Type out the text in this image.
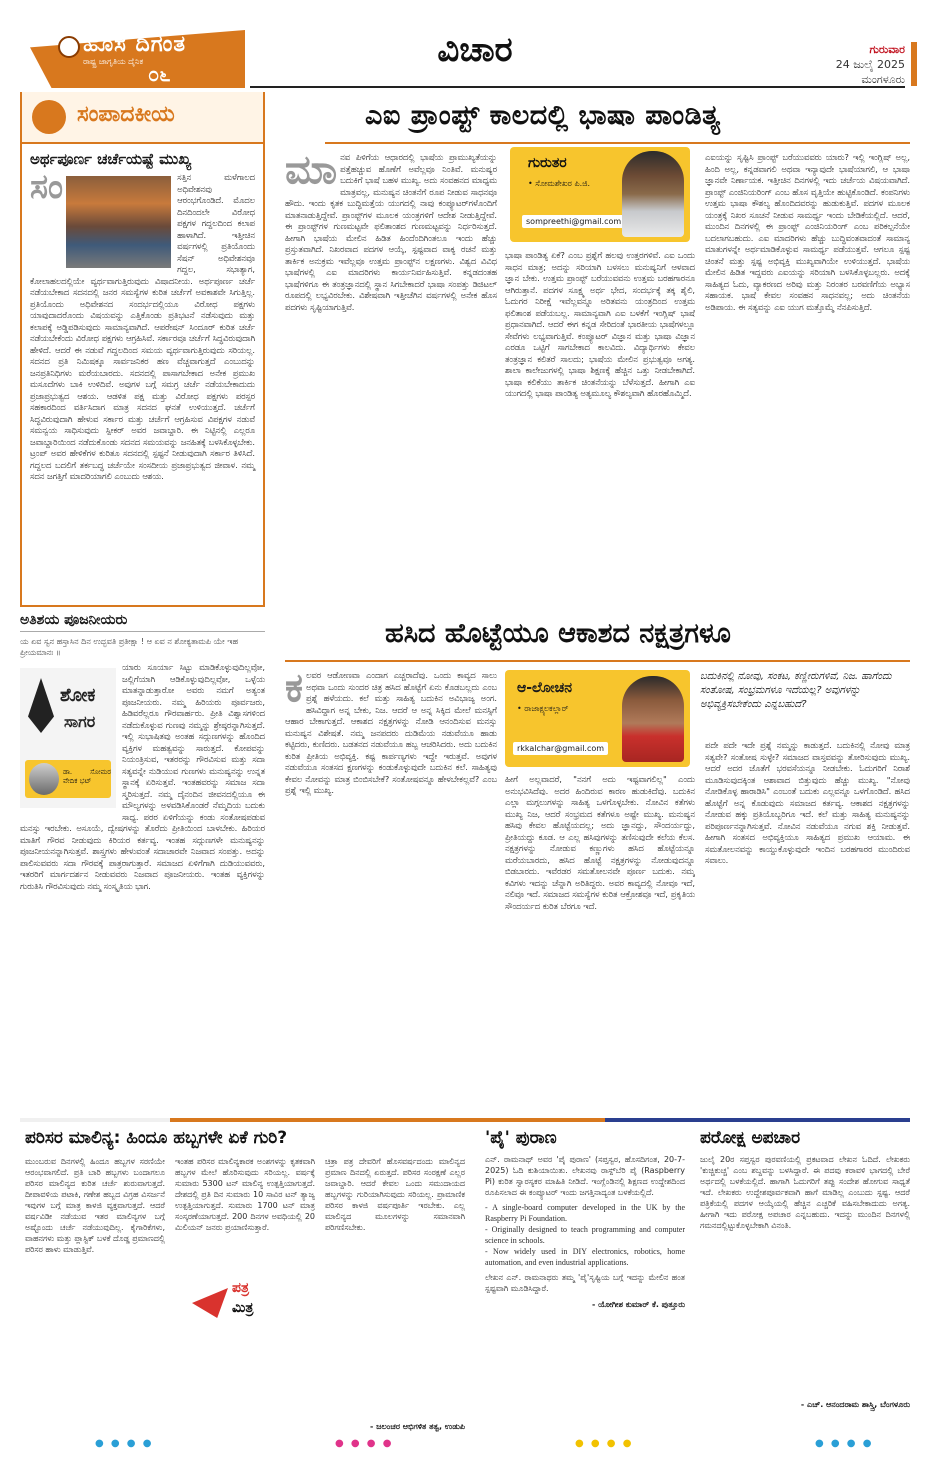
ಹೊಸ ದಿಗಂತ
ರಾಷ್ಟ್ರ ಜಾಗೃತಿಯ ದೈನಿಕ
೦೬
ವಿಚಾರ	ಗುರುವಾರ
24 ಜುಲೈ 2025
ಮಂಗಳೂರು
ಸಂಪಾದಕೀಯ
ಅರ್ಥಪೂರ್ಣ ಚರ್ಚೆಯಷ್ಟೆ ಮುಖ್ಯ
ಸಂ	ಸತ್ತಿನ ಮಳೆಗಾಲದ ಅಧಿವೇಶನವು ಆರಂಭಗೊಂಡಿದೆ. ಮೊದಲ ದಿನದಿಂದಲೇ ವಿರೋಧ ಪಕ್ಷಗಳ ಗದ್ದಲದಿಂದ ಕಲಾಪ ಹಾಳಾಗಿದೆ. ಇತ್ತೀಚಿನ ವರ್ಷಗಳಲ್ಲಿ ಪ್ರತಿಯೊಂದು ಸೆಷನ್ ಅಧಿವೇಶನವೂ ಗದ್ದಲ, ಸಭಾತ್ಯಾಗ, ಕೋಲಾಹಲದಲ್ಲಿಯೇ ವ್ಯರ್ಥವಾಗುತ್ತಿರುವುದು ವಿಷಾದನೀಯ. ಅರ್ಥಪೂರ್ಣ ಚರ್ಚೆ ನಡೆಯಬೇಕಾದ ಸದನದಲ್ಲಿ ಜನರ ಸಮಸ್ಯೆಗಳ ಕುರಿತ ಚರ್ಚೆಗೆ ಅವಕಾಶವೇ ಸಿಗುತ್ತಿಲ್ಲ. ಪ್ರತಿಯೊಂದು ಅಧಿವೇಶನದ ಸಂದರ್ಭದಲ್ಲಿಯೂ ವಿರೋಧ ಪಕ್ಷಗಳು ಯಾವುದಾದರೊಂದು ವಿಷಯವನ್ನು ಎತ್ತಿಕೊಂಡು ಪ್ರತಿಭಟನೆ ನಡೆಸುವುದು ಮತ್ತು ಕಲಾಪಕ್ಕೆ ಅಡ್ಡಿಪಡಿಸುವುದು ಸಾಮಾನ್ಯವಾಗಿದೆ. ಆಪರೇಷನ್ ಸಿಂದೂರ್ ಕುರಿತ ಚರ್ಚೆ ನಡೆಯಬೇಕೆಂದು ವಿರೋಧ ಪಕ್ಷಗಳು ಆಗ್ರಹಿಸಿವೆ. ಸರ್ಕಾರವೂ ಚರ್ಚೆಗೆ ಸಿದ್ಧವಿರುವುದಾಗಿ ಹೇಳಿದೆ. ಆದರೆ ಈ ನಡುವೆ ಗದ್ದಲದಿಂದ ಸಮಯ ವ್ಯರ್ಥವಾಗುತ್ತಿರುವುದು ಸರಿಯಲ್ಲ. ಸದನದ ಪ್ರತಿ ನಿಮಿಷಕ್ಕೂ ಸಾರ್ವಜನಿಕರ ಹಣ ವೆಚ್ಚವಾಗುತ್ತದೆ ಎಂಬುದನ್ನು ಜನಪ್ರತಿನಿಧಿಗಳು ಮರೆಯಬಾರದು. ಸದನದಲ್ಲಿ ಪಾಸಾಗಬೇಕಾದ ಅನೇಕ ಪ್ರಮುಖ ಮಸೂದೆಗಳು ಬಾಕಿ ಉಳಿದಿವೆ. ಅವುಗಳ ಬಗ್ಗೆ ಸಮಗ್ರ ಚರ್ಚೆ ನಡೆಯಬೇಕಾದುದು ಪ್ರಜಾಪ್ರಭುತ್ವದ ಆಶಯ. ಆಡಳಿತ ಪಕ್ಷ ಮತ್ತು ವಿರೋಧ ಪಕ್ಷಗಳು ಪರಸ್ಪರ ಸಹಕಾರದಿಂದ ವರ್ತಿಸಿದಾಗ ಮಾತ್ರ ಸದನದ ಘನತೆ ಉಳಿಯುತ್ತದೆ. ಚರ್ಚೆಗೆ ಸಿದ್ಧವಿರುವುದಾಗಿ ಹೇಳುವ ಸರ್ಕಾರ ಮತ್ತು ಚರ್ಚೆಗೆ ಆಗ್ರಹಿಸುವ ವಿಪಕ್ಷಗಳ ನಡುವೆ ಸಮನ್ವಯ ಸಾಧಿಸುವುದು ಸ್ಪೀಕರ್ ಅವರ ಜವಾಬ್ದಾರಿ. ಈ ನಿಟ್ಟಿನಲ್ಲಿ ಎಲ್ಲರೂ ಜವಾಬ್ದಾರಿಯಿಂದ ನಡೆದುಕೊಂಡು ಸದನದ ಸಮಯವನ್ನು ಜನಹಿತಕ್ಕೆ ಬಳಸಿಕೊಳ್ಳಬೇಕು. ಟ್ರಂಪ್ ಅವರ ಹೇಳಿಕೆಗಳ ಕುರಿತೂ ಸದನದಲ್ಲಿ ಸ್ಪಷ್ಟನೆ ನೀಡುವುದಾಗಿ ಸರ್ಕಾರ ತಿಳಿಸಿದೆ. ಗದ್ದಲದ ಬದಲಿಗೆ ತರ್ಕಬದ್ಧ ಚರ್ಚೆಯೇ ಸಂಸದೀಯ ಪ್ರಜಾಪ್ರಭುತ್ವದ ಜೀವಾಳ. ನಮ್ಮ ಸದನ ಜಗತ್ತಿಗೆ ಮಾದರಿಯಾಗಲಿ ಎಂಬುದು ಆಶಯ.
ಎಐ ಪ್ರಾಂಪ್ಟ್ ಕಾಲದಲ್ಲಿ ಭಾಷಾ ಪಾಂಡಿತ್ಯ
ಮಾ ನವ ಪಿಳಿಗೆಯ ಆಧಾರದಲ್ಲಿ ಭಾಷೆಯ ಪ್ರಾಮುಖ್ಯತೆಯನ್ನು ಪತ್ತೆಹಚ್ಚುವ ಹೊಣೆಗೆ ಅವೆಲ್ಲವೂ ನಿಂತಿವೆ. ಮನುಷ್ಯರ ಬದುಕಿಗೆ ಭಾಷೆ ಬಹಳ ಮುಖ್ಯ. ಅದು ಸಂವಹನದ ಮಾಧ್ಯಮ ಮಾತ್ರವಲ್ಲ, ಮನುಷ್ಯನ ಚಿಂತನೆಗೆ ರೂಪ ನೀಡುವ ಸಾಧನವೂ ಹೌದು. ಇಂದು ಕೃತಕ ಬುದ್ಧಿಮತ್ತೆಯ ಯುಗದಲ್ಲಿ ನಾವು ಕಂಪ್ಯೂಟರ್‌ಗಳೊಂದಿಗೆ ಮಾತನಾಡುತ್ತಿದ್ದೇವೆ. ಪ್ರಾಂಪ್ಟ್‌ಗಳ ಮೂಲಕ ಯಂತ್ರಗಳಿಗೆ ಆದೇಶ ನೀಡುತ್ತಿದ್ದೇವೆ. ಈ ಪ್ರಾಂಪ್ಟ್‌ಗಳ ಗುಣಮಟ್ಟವೇ ಫಲಿತಾಂಶದ ಗುಣಮಟ್ಟವನ್ನು ನಿರ್ಧರಿಸುತ್ತದೆ. ಹೀಗಾಗಿ ಭಾಷೆಯ ಮೇಲಿನ ಹಿಡಿತ ಹಿಂದೆಂದಿಗಿಂತಲೂ ಇಂದು ಹೆಚ್ಚು ಪ್ರಸ್ತುತವಾಗಿದೆ. ನಿಖರವಾದ ಪದಗಳ ಆಯ್ಕೆ, ಸ್ಪಷ್ಟವಾದ ವಾಕ್ಯ ರಚನೆ ಮತ್ತು ತಾರ್ಕಿಕ ಅನುಕ್ರಮ ಇವೆಲ್ಲವೂ ಉತ್ತಮ ಪ್ರಾಂಪ್ಟ್‌ನ ಲಕ್ಷಣಗಳು. ವಿಶ್ವದ ವಿವಿಧ ಭಾಷೆಗಳಲ್ಲಿ ಎಐ ಮಾದರಿಗಳು ಕಾರ್ಯನಿರ್ವಹಿಸುತ್ತಿವೆ. ಕನ್ನಡದಂತಹ ಭಾಷೆಗಳಿಗೂ ಈ ತಂತ್ರಜ್ಞಾನದಲ್ಲಿ ಸ್ಥಾನ ಸಿಗಬೇಕಾದರೆ ಭಾಷಾ ಸಂಪತ್ತು ಡಿಜಿಟಲ್ ರೂಪದಲ್ಲಿ ಲಭ್ಯವಿರಬೇಕು. ವಿಶೇಷವಾಗಿ ಇತ್ತೀಚೆಗಿನ ವರ್ಷಗಳಲ್ಲಿ ಅನೇಕ ಹೊಸ ಪದಗಳು ಸೃಷ್ಟಿಯಾಗುತ್ತಿವೆ.
ಗುರುತರ
• ಸೋಮಶೇಖರ ಪಿ.ಜಿ.
sompreethi@gmail.com
ಭಾಷಾ ಪಾಂಡಿತ್ಯ ಏಕೆ? ಎಂಬ ಪ್ರಶ್ನೆಗೆ ಹಲವು ಉತ್ತರಗಳಿವೆ. ಎಐ ಒಂದು ಸಾಧನ ಮಾತ್ರ; ಅದನ್ನು ಸರಿಯಾಗಿ ಬಳಸಲು ಮನುಷ್ಯನಿಗೆ ಆಳವಾದ ಜ್ಞಾನ ಬೇಕು. ಉತ್ತಮ ಪ್ರಾಂಪ್ಟ್ ಬರೆಯುವವನು ಉತ್ತಮ ಬರಹಗಾರನೂ ಆಗಿರುತ್ತಾನೆ. ಪದಗಳ ಸೂಕ್ಷ್ಮ ಅರ್ಥ ಭೇದ, ಸಂದರ್ಭಕ್ಕೆ ತಕ್ಕ ಶೈಲಿ, ಓದುಗರ ನಿರೀಕ್ಷೆ ಇವೆಲ್ಲವನ್ನೂ ಅರಿತವನು ಯಂತ್ರದಿಂದ ಉತ್ತಮ ಫಲಿತಾಂಶ ಪಡೆಯಬಲ್ಲ. ಸಾಮಾನ್ಯವಾಗಿ ಎಐ ಬಳಕೆಗೆ ಇಂಗ್ಲಿಷ್ ಭಾಷೆ ಪ್ರಧಾನವಾಗಿದೆ. ಆದರೆ ಈಗ ಕನ್ನಡ ಸೇರಿದಂತೆ ಭಾರತೀಯ ಭಾಷೆಗಳಲ್ಲೂ ಸೇವೆಗಳು ಲಭ್ಯವಾಗುತ್ತಿವೆ. ಕಂಪ್ಯೂಟರ್ ವಿಜ್ಞಾನ ಮತ್ತು ಭಾಷಾ ವಿಜ್ಞಾನ ಎರಡೂ ಒಟ್ಟಿಗೆ ಸಾಗಬೇಕಾದ ಕಾಲವಿದು. ವಿದ್ಯಾರ್ಥಿಗಳು ಕೇವಲ ತಂತ್ರಜ್ಞಾನ ಕಲಿತರೆ ಸಾಲದು; ಭಾಷೆಯ ಮೇಲಿನ ಪ್ರಭುತ್ವವೂ ಅಗತ್ಯ. ಶಾಲಾ ಕಾಲೇಜುಗಳಲ್ಲಿ ಭಾಷಾ ಶಿಕ್ಷಣಕ್ಕೆ ಹೆಚ್ಚಿನ ಒತ್ತು ನೀಡಬೇಕಾಗಿದೆ. ಭಾಷಾ ಕಲಿಕೆಯು ತಾರ್ಕಿಕ ಚಿಂತನೆಯನ್ನು ಬೆಳೆಸುತ್ತದೆ. ಹೀಗಾಗಿ ಎಐ ಯುಗದಲ್ಲಿ ಭಾಷಾ ಪಾಂಡಿತ್ಯ ಅತ್ಯಮೂಲ್ಯ ಕೌಶಲ್ಯವಾಗಿ ಹೊರಹೊಮ್ಮಿದೆ.
ಎಐಯನ್ನು ಸೃಷ್ಟಿಸಿ ಪ್ರಾಂಪ್ಟ್ ಬರೆಯುವವರು ಯಾರು? ಇಲ್ಲಿ ಇಂಗ್ಲಿಷ್ ಅಲ್ಲ, ಹಿಂದಿ ಅಲ್ಲ, ಕನ್ನಡವಾಗಲಿ ಅಥವಾ ಇನ್ಯಾವುದೇ ಭಾಷೆಯಾಗಲಿ, ಆ ಭಾಷಾ ಜ್ಞಾನವೇ ನಿರ್ಣಾಯಕ. ಇತ್ತೀಚಿನ ದಿನಗಳಲ್ಲಿ ಇದು ಚರ್ಚೆಯ ವಿಷಯವಾಗಿದೆ. ಪ್ರಾಂಪ್ಟ್ ಎಂಜಿನಿಯರಿಂಗ್ ಎಂಬ ಹೊಸ ವೃತ್ತಿಯೇ ಹುಟ್ಟಿಕೊಂಡಿದೆ. ಕಂಪನಿಗಳು ಉತ್ತಮ ಭಾಷಾ ಕೌಶಲ್ಯ ಹೊಂದಿದವರನ್ನು ಹುಡುಕುತ್ತಿವೆ. ಪದಗಳ ಮೂಲಕ ಯಂತ್ರಕ್ಕೆ ನಿಖರ ಸೂಚನೆ ನೀಡುವ ಸಾಮರ್ಥ್ಯ ಇಂದು ಬೇಡಿಕೆಯಲ್ಲಿದೆ. ಆದರೆ, ಮುಂದಿನ ದಿನಗಳಲ್ಲಿ ಈ ಪ್ರಾಂಪ್ಟ್ ಎಂಜಿನಿಯರಿಂಗ್ ಎಂಬ ಪರಿಕಲ್ಪನೆಯೇ ಬದಲಾಗಬಹುದು. ಎಐ ಮಾದರಿಗಳು ಹೆಚ್ಚು ಬುದ್ಧಿವಂತವಾದಂತೆ ಸಾಮಾನ್ಯ ಮಾತುಗಳನ್ನೇ ಅರ್ಥಮಾಡಿಕೊಳ್ಳುವ ಸಾಮರ್ಥ್ಯ ಪಡೆಯುತ್ತವೆ. ಆಗಲೂ ಸ್ಪಷ್ಟ ಚಿಂತನೆ ಮತ್ತು ಸ್ಪಷ್ಟ ಅಭಿವ್ಯಕ್ತಿ ಮುಖ್ಯವಾಗಿಯೇ ಉಳಿಯುತ್ತದೆ. ಭಾಷೆಯ ಮೇಲಿನ ಹಿಡಿತ ಇದ್ದವರು ಎಐಯನ್ನು ಸರಿಯಾಗಿ ಬಳಸಿಕೊಳ್ಳಬಲ್ಲರು. ಅದಕ್ಕೆ ಸಾಹಿತ್ಯದ ಓದು, ವ್ಯಾಕರಣದ ಅರಿವು ಮತ್ತು ನಿರಂತರ ಬರವಣಿಗೆಯ ಅಭ್ಯಾಸ ಸಹಾಯಕ. ಭಾಷೆ ಕೇವಲ ಸಂವಹನ ಸಾಧನವಲ್ಲ; ಅದು ಚಿಂತನೆಯ ಅಡಿಪಾಯ. ಈ ಸತ್ಯವನ್ನು ಎಐ ಯುಗ ಮತ್ತೊಮ್ಮೆ ನೆನಪಿಸುತ್ತಿದೆ.
ಅತಿಶಯ ಪೂಜನೀಯರು
ಯ ಏವ ಸ್ವನ ಹಸ್ತಾಸಿನ ದಿನ ಉದ್ಭವತಿ ಪ್ರತೀಕ್ಷಾ ! ಆ ಏವ ನ ಶೋಕ್ಯತಾಮಪಿ ಯೇ ಇಹ ಪ್ರೀಯಮಾನಃ ॥
ಶೋಕ
ಸಾಗರ
ಡಾ. ಸೋಮರ ವೇದಿಕ ಭಟ್
ಯಾರು ಸೂರ್ಯಾ ಸಿಟ್ಟು ಮಾಡಿಕೊಳ್ಳುವುದಿಲ್ಲವೋ, ಜಲ್ಲಿಗೆಯಾಗಿ ಆಡಿಕೊಳ್ಳುವುದಿಲ್ಲವೋ, ಒಳ್ಳೆಯ ಮಾತನ್ನಾಡುತ್ತಾರೋ ಅವರು ನಮಗೆ ಅತ್ಯಂತ ಪೂಜನೀಯರು. ನಮ್ಮ ಹಿರಿಯರು ಪೂರ್ವಜರು, ಹಿಡಿವರೆಲ್ಲರೂ ಗೌರವಾರ್ಹರು. ಪ್ರೀತಿ ವಿಶ್ವಾಸಗಳಿಂದ ನಡೆದುಕೊಳ್ಳುವ ಗುಣವು ನಮ್ಮನ್ನು ಶ್ರೇಷ್ಠರನ್ನಾಗಿಸುತ್ತದೆ. ಇಲ್ಲಿ ಸುಭಾಷಿತವು ಅಂತಹ ಸದ್ಗುಣಗಳನ್ನು ಹೊಂದಿದ ವ್ಯಕ್ತಿಗಳ ಮಹತ್ವವನ್ನು ಸಾರುತ್ತದೆ. ಕೋಪವನ್ನು ನಿಯಂತ್ರಿಸುವ, ಇತರರನ್ನು ಗೌರವಿಸುವ ಮತ್ತು ಸದಾ ಸತ್ಯವನ್ನೇ ನುಡಿಯುವ ಗುಣಗಳು ಮನುಷ್ಯನನ್ನು ಉನ್ನತ ಸ್ಥಾನಕ್ಕೆ ಏರಿಸುತ್ತವೆ. ಇಂತಹವರನ್ನು ಸಮಾಜ ಸದಾ ಸ್ಮರಿಸುತ್ತದೆ. ನಮ್ಮ ದೈನಂದಿನ ಜೀವನದಲ್ಲಿಯೂ ಈ ಮೌಲ್ಯಗಳನ್ನು ಅಳವಡಿಸಿಕೊಂಡರೆ ನೆಮ್ಮದಿಯ ಬದುಕು ಸಾಧ್ಯ. ಪರರ ಏಳಿಗೆಯನ್ನು ಕಂಡು ಸಂತೋಷಪಡುವ ಮನಸ್ಸು ಇರಬೇಕು. ಅಸೂಯೆ, ದ್ವೇಷಗಳನ್ನು ತೊರೆದು ಪ್ರೀತಿಯಿಂದ ಬಾಳಬೇಕು. ಹಿರಿಯರ ಮಾತಿಗೆ ಗೌರವ ನೀಡುವುದು ಕಿರಿಯರ ಕರ್ತವ್ಯ. ಇಂತಹ ಸದ್ಗುಣಗಳೇ ಮನುಷ್ಯನನ್ನು ಪೂಜನೀಯನನ್ನಾಗಿಸುತ್ತವೆ. ಶಾಸ್ತ್ರಗಳು ಹೇಳುವಂತೆ ಸದಾಚಾರವೇ ನಿಜವಾದ ಸಂಪತ್ತು. ಅದನ್ನು ಪಾಲಿಸುವವರು ಸದಾ ಗೌರವಕ್ಕೆ ಪಾತ್ರರಾಗುತ್ತಾರೆ. ಸಮಾಜದ ಏಳಿಗೆಗಾಗಿ ದುಡಿಯುವವರು, ಇತರರಿಗೆ ಮಾರ್ಗದರ್ಶನ ನೀಡುವವರು ನಿಜವಾದ ಪೂಜನೀಯರು. ಇಂತಹ ವ್ಯಕ್ತಿಗಳನ್ನು ಗುರುತಿಸಿ ಗೌರವಿಸುವುದು ನಮ್ಮ ಸಂಸ್ಕೃತಿಯ ಭಾಗ.
ಹಸಿದ ಹೊಟ್ಟೆಯೂ ಆಕಾಶದ ನಕ್ಷತ್ರಗಳೂ
ಕ ಲವರ ಆಡೋಣವಾ ಎಂದಾಗ ಎಚ್ಚರಾದೆವು. ಒಂದು ಕಾವ್ಯದ ಸಾಲು ಅಥವಾ ಒಂದು ಸುಂದರ ಚಿತ್ರ ಹಸಿದ ಹೊಟ್ಟೆಗೆ ಏನು ಕೊಡಬಲ್ಲದು ಎಂಬ ಪ್ರಶ್ನೆ ಹಳೆಯದು. ಕಲೆ ಮತ್ತು ಸಾಹಿತ್ಯ ಬದುಕಿನ ಅವಿಭಾಜ್ಯ ಅಂಗ. ಹಸಿವಿದ್ದಾಗ ಅನ್ನ ಬೇಕು, ನಿಜ. ಆದರೆ ಆ ಅನ್ನ ಸಿಕ್ಕಿದ ಮೇಲೆ ಮನಸ್ಸಿಗೆ ಆಹಾರ ಬೇಕಾಗುತ್ತದೆ. ಆಕಾಶದ ನಕ್ಷತ್ರಗಳನ್ನು ನೋಡಿ ಆನಂದಿಸುವ ಮನಸ್ಸು ಮನುಷ್ಯನ ವಿಶೇಷತೆ. ನಮ್ಮ ಜನಪದರು ದುಡಿಮೆಯ ನಡುವೆಯೂ ಹಾಡು ಕಟ್ಟಿದರು, ಕುಣಿದರು. ಬಡತನದ ನಡುವೆಯೂ ಹಬ್ಬ ಆಚರಿಸಿದರು. ಅದು ಬದುಕಿನ ಕುರಿತ ಪ್ರೀತಿಯ ಅಭಿವ್ಯಕ್ತಿ. ಕಷ್ಟ ಕಾರ್ಪಣ್ಯಗಳು ಇದ್ದೇ ಇರುತ್ತವೆ. ಅವುಗಳ ನಡುವೆಯೂ ಸಂತಸದ ಕ್ಷಣಗಳನ್ನು ಕಂಡುಕೊಳ್ಳುವುದೇ ಬದುಕಿನ ಕಲೆ. ಸಾಹಿತ್ಯವು ಕೇವಲ ನೋವನ್ನು ಮಾತ್ರ ಬಿಂಬಿಸಬೇಕೆ? ಸಂತೋಷವನ್ನೂ ಹೇಳಬೇಕಲ್ಲವೆ? ಎಂಬ ಪ್ರಶ್ನೆ ಇಲ್ಲಿ ಮುಖ್ಯ.
ಆ-ಲೋಚನ
• ರಾಜಾಕ್ಷ್ಯಲಕಲ್ಲಾರ್
rkkalchar@gmail.com
ಬದುಕಿನಲ್ಲಿ ನೋವು, ಸಂಕಟ, ಕಣ್ಣೀರುಗಳಿವೆ, ನಿಜ. ಹಾಗೆಂದು ಸಂತೋಷ, ಸಂಭ್ರಮಗಳೂ ಇದೆಯಲ್ಲ? ಅವುಗಳನ್ನು ಅಭಿವ್ಯಕ್ತಿಸಬೇಕೆಂದು ಎನ್ನಬಹುದೆ?
ಹೀಗೆ ಅಲ್ಲವಾದರೆ, "ನನಗೆ ಅದು ಇಷ್ಟವಾಗಲಿಲ್ಲ" ಎಂದು ಅನುಭವಿಸಿದೆವು. ಅದರ ಹಿಂದಿರುವ ಕಾರಣ ಹುಡುಕಿದೆವು. ಬದುಕಿನ ಎಲ್ಲಾ ಮಗ್ಗಲುಗಳನ್ನು ಸಾಹಿತ್ಯ ಒಳಗೊಳ್ಳಬೇಕು. ನೋವಿನ ಕತೆಗಳು ಮುಖ್ಯ ನಿಜ, ಆದರೆ ಸಂಭ್ರಮದ ಕತೆಗಳೂ ಅಷ್ಟೇ ಮುಖ್ಯ. ಮನುಷ್ಯನ ಹಸಿವು ಕೇವಲ ಹೊಟ್ಟೆಯದಲ್ಲ; ಅದು ಜ್ಞಾನದ್ದು, ಸೌಂದರ್ಯದ್ದು, ಪ್ರೀತಿಯದ್ದು ಕೂಡ. ಆ ಎಲ್ಲ ಹಸಿವುಗಳನ್ನು ತಣಿಸುವುದೇ ಕಲೆಯ ಕೆಲಸ. ನಕ್ಷತ್ರಗಳನ್ನು ನೋಡುವ ಕಣ್ಣುಗಳು ಹಸಿದ ಹೊಟ್ಟೆಯನ್ನೂ ಮರೆಯಬಾರದು, ಹಸಿದ ಹೊಟ್ಟೆ ನಕ್ಷತ್ರಗಳನ್ನು ನೋಡುವುದನ್ನೂ ಬಿಡಬಾರದು. ಇವೆರಡರ ಸಮತೋಲನವೇ ಪೂರ್ಣ ಬದುಕು. ನಮ್ಮ ಕವಿಗಳು ಇದನ್ನು ಚೆನ್ನಾಗಿ ಅರಿತಿದ್ದರು. ಅವರ ಕಾವ್ಯದಲ್ಲಿ ನೋವೂ ಇದೆ, ನಲಿವೂ ಇದೆ. ಸಮಾಜದ ಸಮಸ್ಯೆಗಳ ಕುರಿತ ಆಕ್ರೋಶವೂ ಇದೆ, ಪ್ರಕೃತಿಯ ಸೌಂದರ್ಯದ ಕುರಿತ ಬೆರಗೂ ಇದೆ.
ಪದೇ ಪದೇ ಇದೇ ಪ್ರಶ್ನೆ ನಮ್ಮನ್ನು ಕಾಡುತ್ತದೆ. ಬದುಕಿನಲ್ಲಿ ನೋವು ಮಾತ್ರ ಸತ್ಯವೇ? ಸಂತೋಷ ಸುಳ್ಳೇ? ಸಮಾಜದ ವಾಸ್ತವವನ್ನು ತೋರಿಸುವುದು ಮುಖ್ಯ. ಆದರೆ ಅದರ ಜೊತೆಗೆ ಭರವಸೆಯನ್ನೂ ನೀಡಬೇಕು. ಓದುಗರಿಗೆ ನಿರಾಶೆ ಮೂಡಿಸುವುದಕ್ಕಿಂತ ಆಶಾವಾದ ಬಿತ್ತುವುದು ಹೆಚ್ಚು ಮುಖ್ಯ. "ನೋವು ನೋಡಿಕೊಳ್ಳ ಹಾರಾಡಿಸಿ" ಎಂಬಂತೆ ಬದುಕು ಎಲ್ಲವನ್ನೂ ಒಳಗೊಂಡಿದೆ. ಹಸಿದ ಹೊಟ್ಟೆಗೆ ಅನ್ನ ಕೊಡುವುದು ಸಮಾಜದ ಕರ್ತವ್ಯ. ಆಕಾಶದ ನಕ್ಷತ್ರಗಳನ್ನು ನೋಡುವ ಹಕ್ಕು ಪ್ರತಿಯೊಬ್ಬರಿಗೂ ಇದೆ. ಕಲೆ ಮತ್ತು ಸಾಹಿತ್ಯ ಮನುಷ್ಯನನ್ನು ಪರಿಪೂರ್ಣನನ್ನಾಗಿಸುತ್ತವೆ. ನೋವಿನ ನಡುವೆಯೂ ನಗುವ ಶಕ್ತಿ ನೀಡುತ್ತವೆ. ಹೀಗಾಗಿ ಸಂತಸದ ಅಭಿವ್ಯಕ್ತಿಯೂ ಸಾಹಿತ್ಯದ ಪ್ರಮುಖ ಆಯಾಮ. ಈ ಸಮತೋಲನವನ್ನು ಕಾಯ್ದುಕೊಳ್ಳುವುದೇ ಇಂದಿನ ಬರಹಗಾರರ ಮುಂದಿರುವ ಸವಾಲು.
ಪರಿಸರ ಮಾಲಿನ್ಯ: ಹಿಂದೂ ಹಬ್ಬಗಳೇ ಏಕೆ ಗುರಿ?
ಮುಂಬರುವ ದಿನಗಳಲ್ಲಿ ಹಿಂದೂ ಹಬ್ಬಗಳ ಸರಣಿಯೇ ಆರಂಭವಾಗಲಿದೆ. ಪ್ರತಿ ಬಾರಿ ಹಬ್ಬಗಳು ಬಂದಾಗಲೂ ಪರಿಸರ ಮಾಲಿನ್ಯದ ಕುರಿತ ಚರ್ಚೆ ಶುರುವಾಗುತ್ತದೆ. ದೀಪಾವಳಿಯ ಪಟಾಕಿ, ಗಣೇಶ ಹಬ್ಬದ ವಿಗ್ರಹ ವಿಸರ್ಜನೆ ಇವುಗಳ ಬಗ್ಗೆ ಮಾತ್ರ ಕಾಳಜಿ ವ್ಯಕ್ತವಾಗುತ್ತದೆ. ಆದರೆ ವರ್ಷವಿಡೀ ನಡೆಯುವ ಇತರ ಮಾಲಿನ್ಯಗಳ ಬಗ್ಗೆ ಅಷ್ಟೊಂದು ಚರ್ಚೆ ನಡೆಯುವುದಿಲ್ಲ. ಕೈಗಾರಿಕೆಗಳು, ವಾಹನಗಳು ಮತ್ತು ಪ್ಲಾಸ್ಟಿಕ್ ಬಳಕೆ ದೊಡ್ಡ ಪ್ರಮಾಣದಲ್ಲಿ ಪರಿಸರ ಹಾಳು ಮಾಡುತ್ತಿವೆ.
ಇಂತಹ ಪರಿಸರ ಮಾಲಿನ್ಯಕಾರಕ ಅಂಶಗಳನ್ನು ಕೃತಕವಾಗಿ ಹಬ್ಬಗಳ ಮೇಲೆ ಹೊರಿಸುವುದು ಸರಿಯಲ್ಲ. ವರ್ಷಕ್ಕೆ ಸುಮಾರು 5300 ಟನ್ ಮಾಲಿನ್ಯ ಉತ್ಪತ್ತಿಯಾಗುತ್ತದೆ. ದೇಶದಲ್ಲಿ ಪ್ರತಿ ದಿನ ಸುಮಾರು 10 ಸಾವಿರ ಟನ್ ತ್ಯಾಜ್ಯ ಉತ್ಪತ್ತಿಯಾಗುತ್ತದೆ. ಸುಮಾರು 1700 ಟನ್ ಮಾತ್ರ ಸಂಸ್ಕರಣೆಯಾಗುತ್ತದೆ. 200 ದಿನಗಳ ಅವಧಿಯಲ್ಲಿ 20 ಮಿಲಿಯನ್ ಜನರು ಪ್ರಯಾಣಿಸುತ್ತಾರೆ.
ಚಿತ್ರಾ ಪತ್ರ ದೇವರಿಗೆ ಹೊಸವರ್ಷದಂದು ಮಾಲಿನ್ಯದ ಪ್ರಮಾಣ ದಿನದಲ್ಲಿ ಏರುತ್ತದೆ. ಪರಿಸರ ಸಂರಕ್ಷಣೆ ಎಲ್ಲರ ಜವಾಬ್ದಾರಿ. ಆದರೆ ಕೇವಲ ಒಂದು ಸಮುದಾಯದ ಹಬ್ಬಗಳನ್ನು ಗುರಿಯಾಗಿಸುವುದು ಸರಿಯಲ್ಲ. ಪ್ರಾಮಾಣಿಕ ಪರಿಸರ ಕಾಳಜಿ ವರ್ಷಪೂರ್ತಿ ಇರಬೇಕು. ಎಲ್ಲ ಮಾಲಿನ್ಯದ ಮೂಲಗಳನ್ನು ಸಮಾನವಾಗಿ ಪರಿಗಣಿಸಬೇಕು.
- ಜಲಂಚರ ಆಭಿಗಳಿತ ತತ್ವ, ಉಡುಪಿ
ಪತ್ರ
ಮಿತ್ರ
'ಪೈ' ಪುರಾಣ
ಎನ್. ರಾಮನಾಥ್ ಅವರ 'ಪೈ ಪುರಾಣ' (ಸಪ್ತಸ್ವರ, ಹೊಸದಿಗಂತ, 20-7-2025) ಓದಿ ಕುಶಿಯಾಯಿತು. ಲೇಖನವು ರಾಸ್ಪ್‌ಬೆರಿ ಪೈ (Raspberry Pi) ಕುರಿತ ಸ್ವಾರಸ್ಯಕರ ಮಾಹಿತಿ ನೀಡಿದೆ. ಇಂಗ್ಲೆಂಡಿನಲ್ಲಿ ಶಿಕ್ಷಣದ ಉದ್ದೇಶದಿಂದ ರೂಪಿಸಲಾದ ಈ ಕಂಪ್ಯೂಟರ್ ಇಂದು ಜಗತ್ತಿನಾದ್ಯಂತ ಬಳಕೆಯಲ್ಲಿದೆ.
- A single-board computer developed in the UK by the Raspberry Pi Foundation.
- Originally designed to teach programming and computer science in schools.
- Now widely used in DIY electronics, robotics, home automation, and even industrial applications.
ಲೇಖನ ಎನ್. ರಾಮನಾಥರು ತಮ್ಮ 'ಪೈ'ಸೃಷ್ಟಿಯ ಬಗ್ಗೆ ಇದನ್ನು ಮೇಲಿನ ಹಂತ ಸ್ಪಷ್ಟವಾಗಿ ಮೂಡಿಸಿದ್ದಾರೆ.
- ಯೋಗೀಶ ಕುಮಾರ್ ಕೆ. ಪುತ್ತೂರು
ಪರೋಕ್ಷ ಅಪಚಾರ
ಜುಲೈ 20ರ ಸಪ್ತಸ್ವರ ಪುರವಣಿಯಲ್ಲಿ ಪ್ರಕಟವಾದ ಲೇಖನ ಓದಿದೆ. ಲೇಖಕರು 'ಕುಚ್ಚಿಕುಚ್ಚ' ಎಂಬ ಶಬ್ದವನ್ನು ಬಳಸಿದ್ದಾರೆ. ಈ ಪದವು ಕರಾವಳಿ ಭಾಗದಲ್ಲಿ ಬೇರೆ ಅರ್ಥದಲ್ಲಿ ಬಳಕೆಯಲ್ಲಿದೆ. ಹಾಗಾಗಿ ಓದುಗರಿಗೆ ತಪ್ಪು ಸಂದೇಶ ಹೋಗುವ ಸಾಧ್ಯತೆ ಇದೆ. ಲೇಖಕರು ಉದ್ದೇಶಪೂರ್ವಕವಾಗಿ ಹಾಗೆ ಮಾಡಿಲ್ಲ ಎಂಬುದು ಸ್ಪಷ್ಟ. ಆದರೆ ಪತ್ರಿಕೆಯಲ್ಲಿ ಪದಗಳ ಆಯ್ಕೆಯಲ್ಲಿ ಹೆಚ್ಚಿನ ಎಚ್ಚರಿಕೆ ವಹಿಸಬೇಕಾದುದು ಅಗತ್ಯ. ಹೀಗಾಗಿ ಇದು ಪರೋಕ್ಷ ಅಪಚಾರ ಎನ್ನಬಹುದು. ಇದನ್ನು ಮುಂದಿನ ದಿನಗಳಲ್ಲಿ ಗಮನದಲ್ಲಿಟ್ಟುಕೊಳ್ಳಬೇಕಾಗಿ ವಿನಂತಿ.
- ಎಚ್. ಆನಂದರಾಮ ಶಾಸ್ತ್ರಿ, ಬೆಂಗಳೂರು
● ● ● ●	● ● ● ●	● ● ● ●	● ● ● ●
